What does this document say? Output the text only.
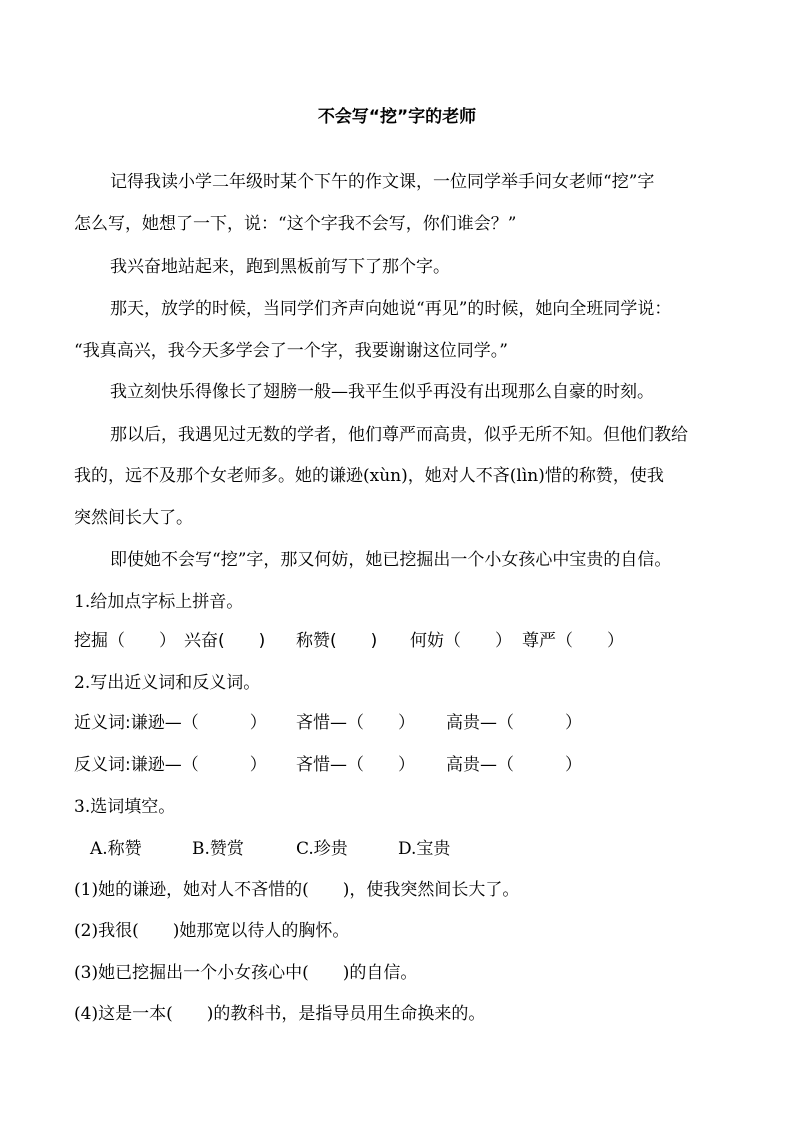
不会写“挖”字的老师
记得我读小学二年级时某个下午的作文课，一位同学举手问女老师“挖”字
怎么写，她想了一下，说：“这个字我不会写，你们谁会？”
我兴奋地站起来，跑到黑板前写下了那个字。
那天，放学的时候，当同学们齐声向她说“再见”的时候，她向全班同学说：
“我真高兴，我今天多学会了一个字，我要谢谢这位同学。”
我立刻快乐得像长了翅膀一般—我平生似乎再没有出现那么自豪的时刻。
那以后，我遇见过无数的学者，他们尊严而高贵，似乎无所不知。但他们教给
我的，远不及那个女老师多。她的谦逊(xùn)，她对人不吝(lìn)惜的称赞，使我
突然间长大了。
即使她不会写“挖”字，那又何妨，她已挖掘出一个小女孩心中宝贵的自信。
1.给加点字标上拼音。

挖掘（　　）

兴奋(　　)

称赞(　　)

何妨（　　）

尊严（　　）

2.写出近义词和反义词。

近义词:谦逊—（　　　）

吝惜—（　　）

高贵—（　　　）

反义词:谦逊—（　　　）

吝惜—（　　）

高贵—（　　　）

3.选词填空。

A.称赞

	B.赞赏

	C.珍贵

	D.宝贵

(1)她的谦逊，她对人不吝惜的(　　)，使我突然间长大了。
(2)我很(　　)她那宽以待人的胸怀。
(3)她已挖掘出一个小女孩心中(　　)的自信。
(4)这是一本(　　)的教科书，是指导员用生命换来的。
